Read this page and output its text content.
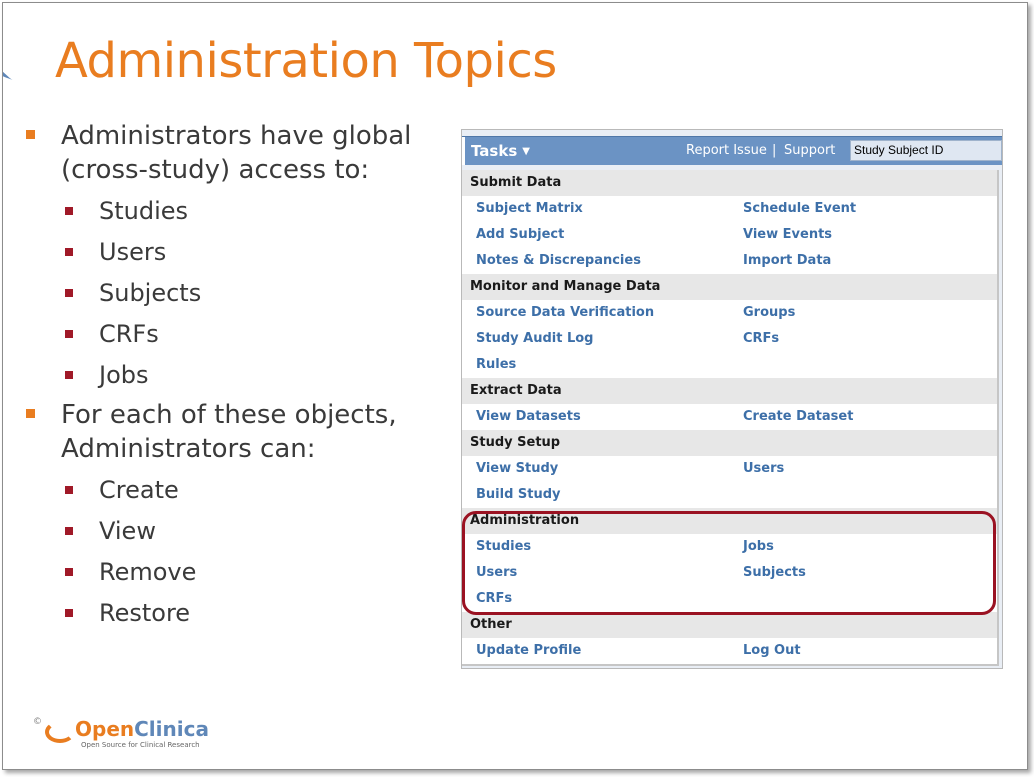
Administration Topics
Administrators have global (cross-study) access to:
Studies
Users
Subjects
CRFs
Jobs
For each of these objects, Administrators can:
Create
View
Remove
Restore
© OpenClinica
Open Source for Clinical Research
Tasks ▼	Report Issue | Support
Study Subject ID
Submit Data
Subject Matrix	Schedule Event
Add Subject	View Events
Notes & Discrepancies	Import Data
Monitor and Manage Data
Source Data Verification	Groups
Study Audit Log	CRFs
Rules
Extract Data
View Datasets	Create Dataset
Study Setup
View Study	Users
Build Study
Administration
Studies	Jobs
Users	Subjects
CRFs
Other
Update Profile	Log Out
